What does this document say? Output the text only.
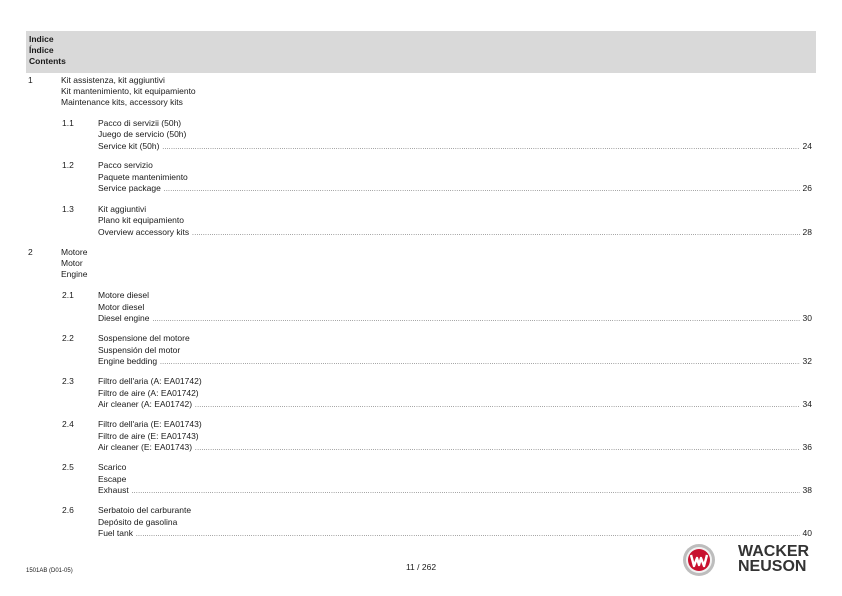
Indice
Índice
Contents
1	Kit assistenza, kit aggiuntivi
Kit mantenimiento, kit equipamiento
Maintenance kits, accessory kits
1.1	Pacco di servizii (50h)
Juego de servicio (50h)
Service kit (50h) .....	24
1.2	Pacco servizio
Paquete mantenimiento
Service package .....	26
1.3	Kit aggiuntivi
Plano kit equipamiento
Overview accessory kits .....	28
2	Motore
Motor
Engine
2.1	Motore diesel
Motor diesel
Diesel engine .....	30
2.2	Sospensione del motore
Suspensión del motor
Engine bedding .....	32
2.3	Filtro dell'aria (A: EA01742)
Filtro de aire (A: EA01742)
Air cleaner (A: EA01742) .....	34
2.4	Filtro dell'aria (E: EA01743)
Filtro de aire (E: EA01743)
Air cleaner (E: EA01743) .....	36
2.5	Scarico
Escape
Exhaust .....	38
2.6	Serbatoio del carburante
Depósito de gasolina
Fuel tank .....	40
1501AB (D01-05)	11 / 262
WACKER
NEUSON
